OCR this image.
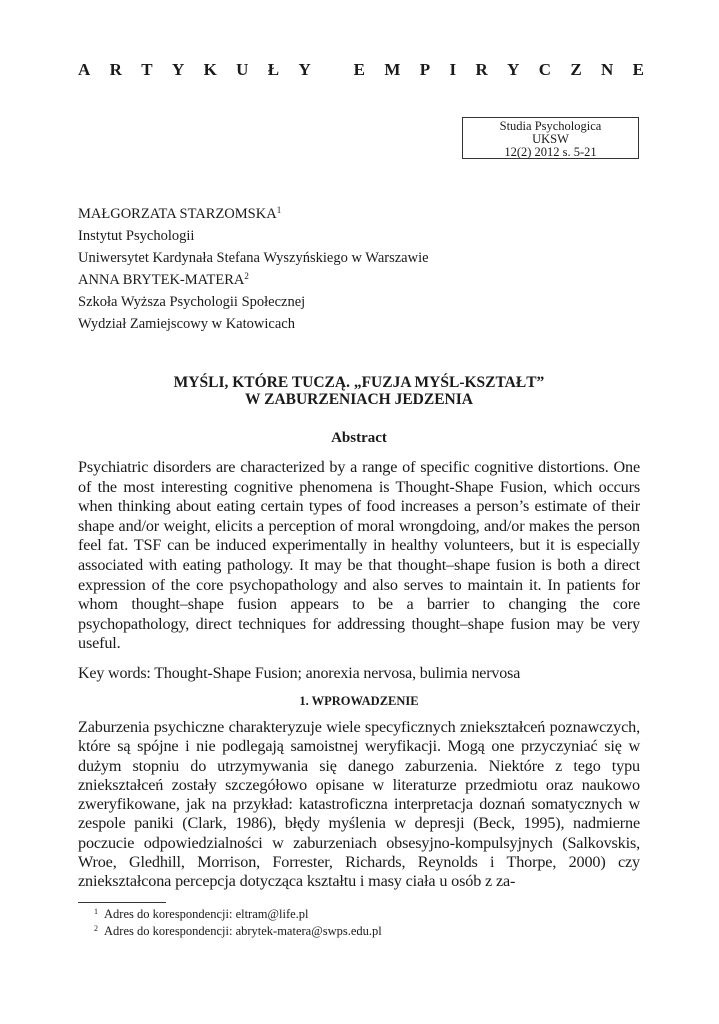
A R T Y K U Ł Y
	E M P I R Y C Z N E
Studia Psychologica
UKSW
12(2) 2012 s. 5-21
MAŁGORZATA STARZOMSKA$^1$
Instytut Psychologii
Uniwersytet Kardynała Stefana Wyszyńskiego w Warszawie
ANNA BRYTEK-MATERA$^2$
Szkoła Wyższa Psychologii Społecznej
Wydział Zamiejscowy w Katowicach
MYŚLI, KTÓRE TUCZĄ. „FUZJA MYŚL-KSZTAŁT”
W ZABURZENIACH JEDZENIA
Abstract
Psychiatric disorders are characterized by a range of specific cognitive distortions. One of the most interesting cognitive phenomena is Thought-Shape Fusion, which occurs when thinking about eating certain types of food increases a person’s estimate of their shape and/or weight, elicits a perception of moral wrongdoing, and/or makes the person feel fat. TSF can be induced experimentally in healthy volunteers, but it is especially associated with eating pathology. It may be that thought–shape fusion is both a direct expression of the core psychopathology and also serves to maintain it. In patients for whom thought–shape fusion appears to be a barrier to changing the core psychopathology, direct techniques for addressing thought–shape fusion may be very useful.
Key words: Thought-Shape Fusion; anorexia nervosa, bulimia nervosa
1. WPROWADZENIE
Zaburzenia psychiczne charakteryzuje wiele specyficznych zniekształceń poznawczych, które są spójne i nie podlegają samoistnej weryfikacji. Mogą one przyczyniać się w dużym stopniu do utrzymywania się danego zaburzenia. Niektóre z tego typu zniekształceń zostały szczegółowo opisane w literaturze przedmiotu oraz naukowo zweryfikowane, jak na przykład: katastroficzna interpretacja doznań somatycznych w zespole paniki (Clark, 1986), błędy myślenia w depresji (Beck, 1995), nadmierne poczucie odpowiedzialności w zaburzeniach obsesyjno-kompulsyjnych (Salkovskis, Wroe, Gledhill, Morrison, Forrester, Richards, Reynolds i Thorpe, 2000) czy zniekształcona percepcja dotycząca kształtu i masy ciała u osób z za-
$^1$ Adres do korespondencji: eltram@life.pl
$^2$ Adres do korespondencji: abrytek-matera@swps.edu.pl
